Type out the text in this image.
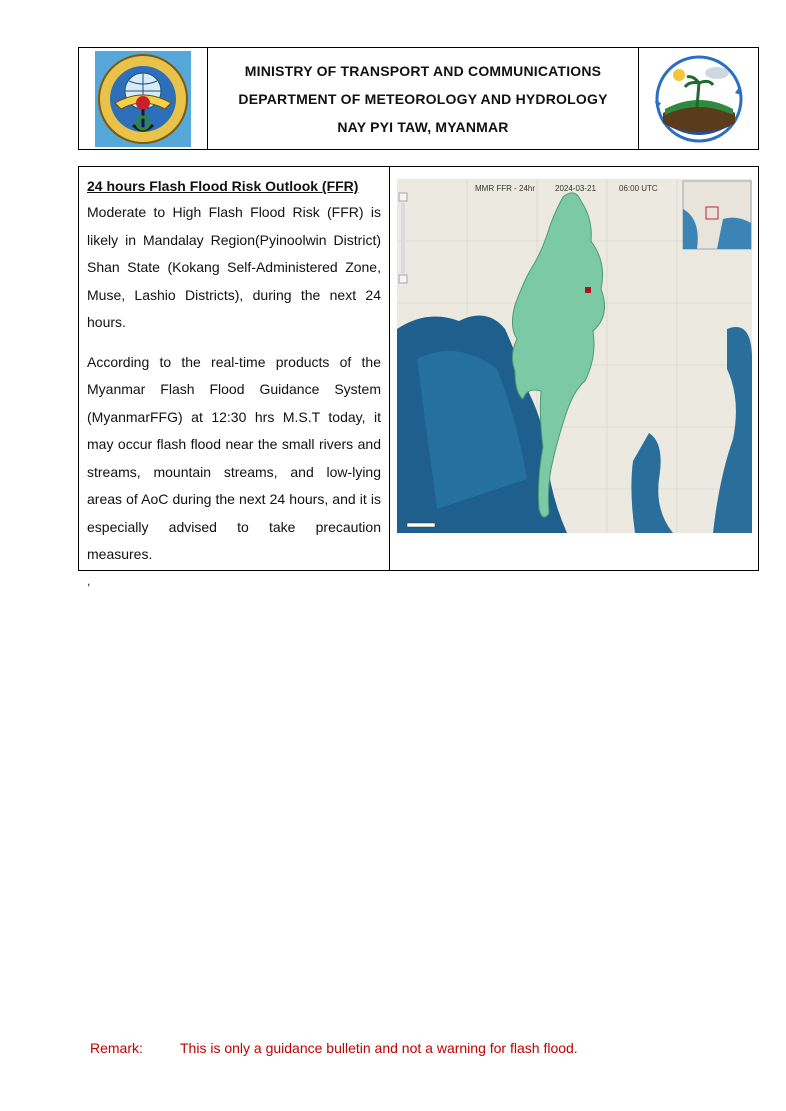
MINISTRY OF TRANSPORT AND COMMUNICATIONS
DEPARTMENT OF METEOROLOGY AND HYDROLOGY
NAY PYI TAW, MYANMAR
24 hours Flash Flood Risk Outlook (FFR)

Moderate to High Flash Flood Risk (FFR) is likely in Mandalay Region(Pyinoolwin District) Shan State (Kokang Self-Administered Zone, Muse, Lashio Districts), during the next 24 hours.

According to the real-time products of the Myanmar Flash Flood Guidance System (MyanmarFFG) at 12:30 hrs M.S.T today, it may occur flash flood near the small rivers and streams, mountain streams, and low-lying areas of AoC during the next 24 hours, and it is especially advised to take precaution measures.

MMR FFR - 24hr	2024-03-21	06:00 UTC
,
Remark:	This is only a guidance bulletin and not a warning for flash flood.
